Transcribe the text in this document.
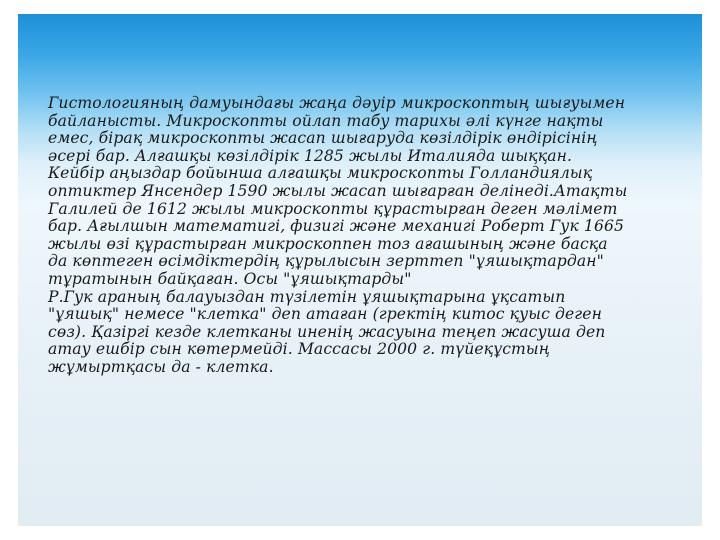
Гистологияның дамуындағы жаңа дәуір микроскоптың шығуымен
байланысты. Микроскопты ойлап табу тарихы әлі күнге нақты
емес, бірақ микроскопты жасап шығаруда көзілдірік өндірісінің
әсері бар. Алғашқы көзілдірік 1285 жылы Италияда шыққан.
Кейбір аңыздар бойынша алғашқы микроскопты Голландиялық
оптиктер Янсендер 1590 жылы жасап шығарған делінеді.Атақты
Галилей де 1612 жылы микроскопты құрастырған деген мәлімет
бар. Ағылшын математигі, физигі және механигі Роберт Гук 1665
жылы өзі құрастырған микроскоппен тоз ағашының және басқа
да көптеген өсімдіктердің құрылысын зерттеп "ұяшықтардан"
тұратынын байқаған. Осы "ұяшықтарды"
Р.Гук араның балауыздан түзілетін ұяшықтарына ұқсатып
"ұяшық" немесе "клетка" деп атаған (гректің китос қуыс деген
сөз). Қазіргі кезде клетканы иненің жасуына теңеп жасуша деп
атау ешбір сын көтермейді. Массасы 2000 г. түйеқұстың
жұмыртқасы да - клетка.
